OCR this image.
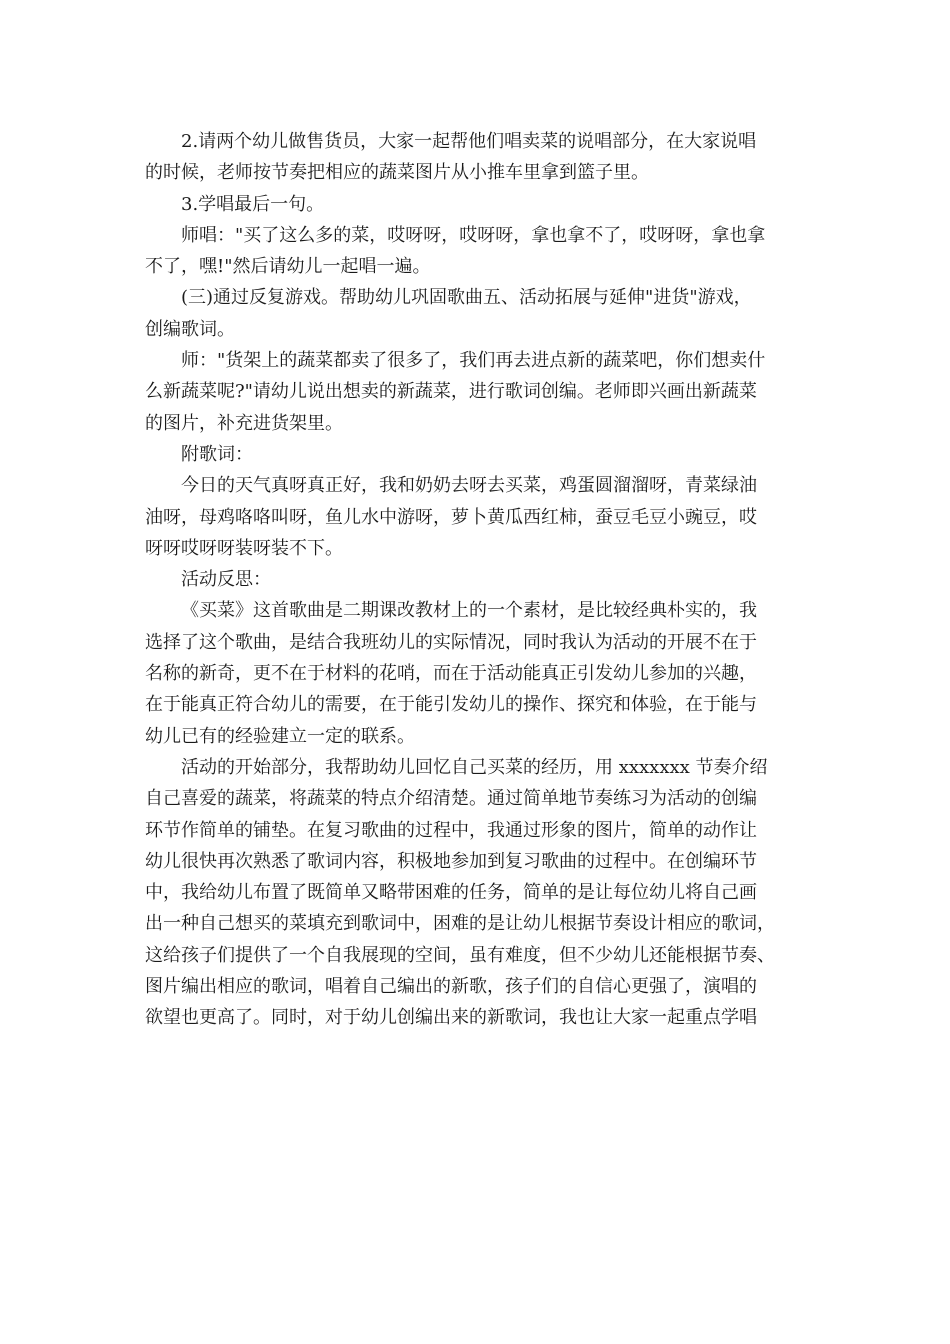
2.请两个幼儿做售货员，大家一起帮他们唱卖菜的说唱部分，在大家说唱
的时候，老师按节奏把相应的蔬菜图片从小推车里拿到篮子里。
3.学唱最后一句。
师唱："买了这么多的菜，哎呀呀，哎呀呀，拿也拿不了，哎呀呀，拿也拿
不了，嘿!"然后请幼儿一起唱一遍。
(三)通过反复游戏。帮助幼儿巩固歌曲五、活动拓展与延伸"进货"游戏，
创编歌词。
师："货架上的蔬菜都卖了很多了，我们再去进点新的蔬菜吧，你们想卖什
么新蔬菜呢?"请幼儿说出想卖的新蔬菜，进行歌词创编。老师即兴画出新蔬菜
的图片，补充进货架里。
附歌词：
今日的天气真呀真正好，我和奶奶去呀去买菜，鸡蛋圆溜溜呀，青菜绿油
油呀，母鸡咯咯叫呀，鱼儿水中游呀，萝卜黄瓜西红柿，蚕豆毛豆小豌豆，哎
呀呀哎呀呀装呀装不下。
活动反思：
《买菜》这首歌曲是二期课改教材上的一个素材，是比较经典朴实的，我
选择了这个歌曲，是结合我班幼儿的实际情况，同时我认为活动的开展不在于
名称的新奇，更不在于材料的花哨，而在于活动能真正引发幼儿参加的兴趣，
在于能真正符合幼儿的需要，在于能引发幼儿的操作、探究和体验，在于能与
幼儿已有的经验建立一定的联系。
活动的开始部分，我帮助幼儿回忆自己买菜的经历，用 xxxxxxx 节奏介绍
自己喜爱的蔬菜，将蔬菜的特点介绍清楚。通过简单地节奏练习为活动的创编
环节作简单的铺垫。在复习歌曲的过程中，我通过形象的图片，简单的动作让
幼儿很快再次熟悉了歌词内容，积极地参加到复习歌曲的过程中。在创编环节
中，我给幼儿布置了既简单又略带困难的任务，简单的是让每位幼儿将自己画
出一种自己想买的菜填充到歌词中，困难的是让幼儿根据节奏设计相应的歌词，
这给孩子们提供了一个自我展现的空间，虽有难度，但不少幼儿还能根据节奏、
图片编出相应的歌词，唱着自己编出的新歌，孩子们的自信心更强了，演唱的
欲望也更高了。同时，对于幼儿创编出来的新歌词，我也让大家一起重点学唱
